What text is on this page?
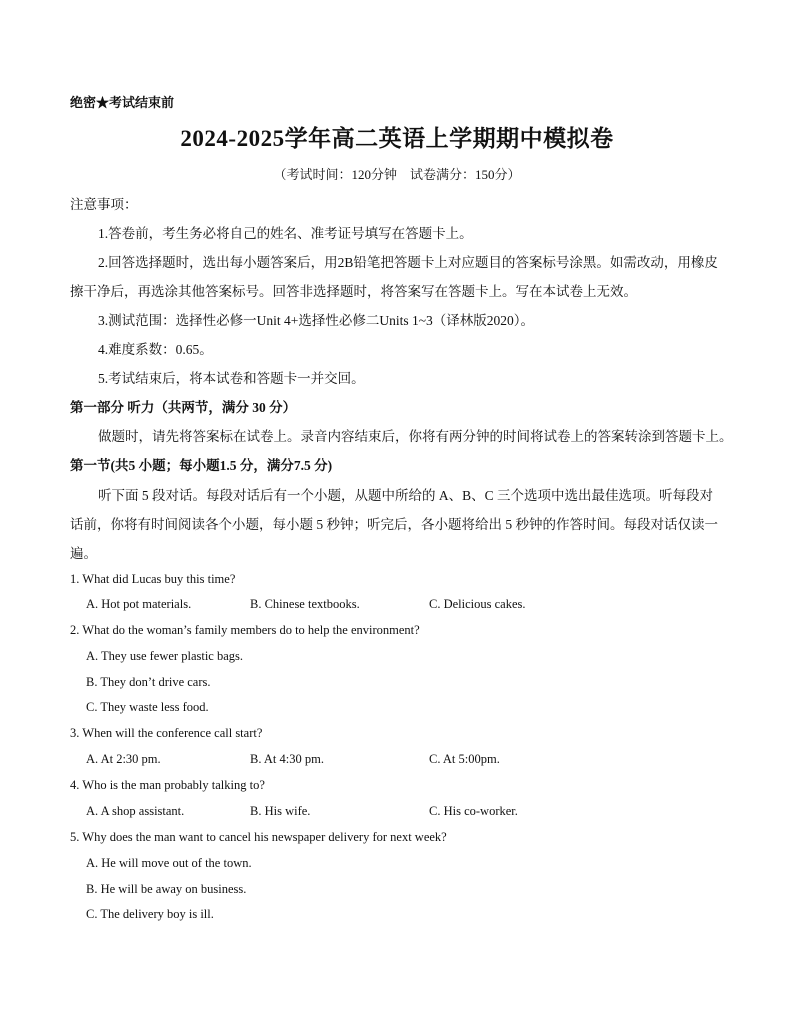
绝密★考试结束前
2024-2025学年高二英语上学期期中模拟卷
（考试时间：120分钟　试卷满分：150分）
注意事项：
1.答卷前，考生务必将自己的姓名、准考证号填写在答题卡上。
2.回答选择题时，选出每小题答案后，用2B铅笔把答题卡上对应题目的答案标号涂黑。如需改动，用橡皮
擦干净后，再选涂其他答案标号。回答非选择题时，将答案写在答题卡上。写在本试卷上无效。
3.测试范围：选择性必修一Unit 4+选择性必修二Units 1~3（译林版2020）。
4.难度系数：0.65。
5.考试结束后，将本试卷和答题卡一并交回。
第一部分 听力（共两节，满分 30 分）
做题时，请先将答案标在试卷上。录音内容结束后，你将有两分钟的时间将试卷上的答案转涂到答题卡上。
第一节(共5 小题；每小题1.5 分，满分7.5 分)
听下面 5 段对话。每段对话后有一个小题，从题中所给的 A、B、C 三个选项中选出最佳选项。听每段对
话前，你将有时间阅读各个小题，每小题 5 秒钟；听完后，各小题将给出 5 秒钟的作答时间。每段对话仅读一
遍。
1. What did Lucas buy this time?
A. Hot pot materials.	B. Chinese textbooks.	C. Delicious cakes.
2. What do the woman’s family members do to help the environment?
A. They use fewer plastic bags.
B. They don’t drive cars.
C. They waste less food.
3. When will the conference call start?
A. At 2:30 pm.	B. At 4:30 pm.	C. At 5:00pm.
4. Who is the man probably talking to?
A. A shop assistant.	B. His wife.	C. His co-worker.
5. Why does the man want to cancel his newspaper delivery for next week?
A. He will move out of the town.
B. He will be away on business.
C. The delivery boy is ill.
